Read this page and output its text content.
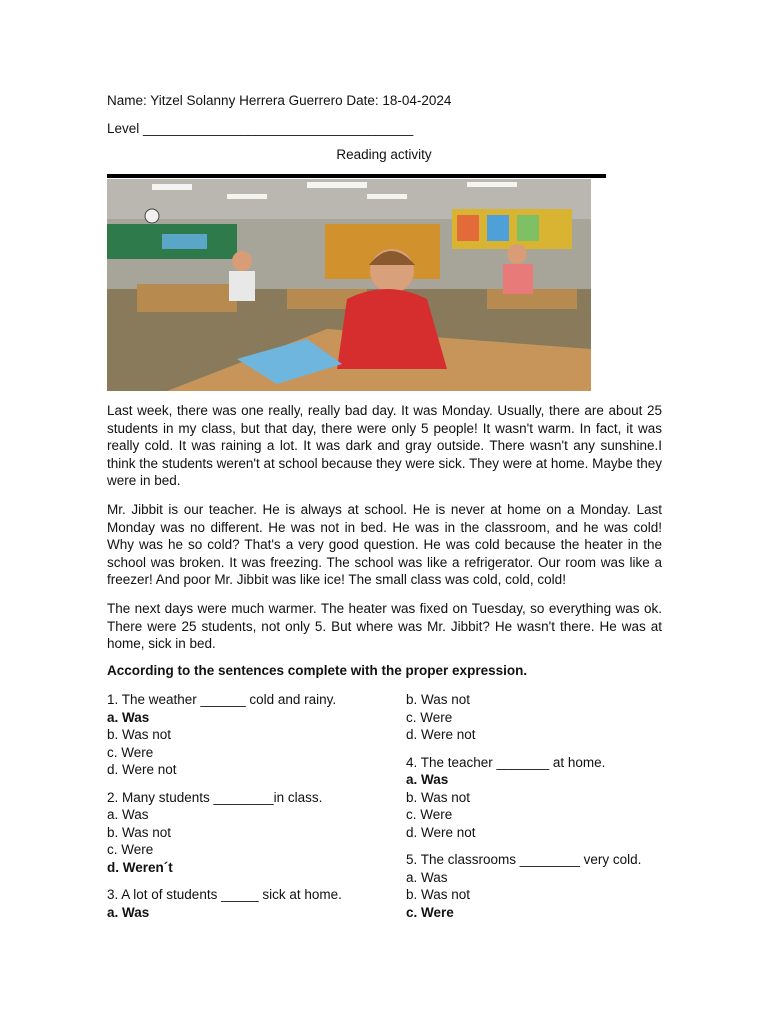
Name: Yitzel Solanny Herrera Guerrero Date: 18-04-2024
Level ____________________________________
Reading activity

Last week, there was one really, really bad day. It was Monday. Usually, there are about 25 students in my class, but that day, there were only 5 people! It wasn't warm. In fact, it was really cold. It was raining a lot. It was dark and gray outside. There wasn't any sunshine.I think the students weren't at school because they were sick. They were at home. Maybe they were in bed.

Mr. Jibbit is our teacher. He is always at school. He is never at home on a Monday. Last Monday was no different. He was not in bed. He was in the classroom, and he was cold! Why was he so cold? That's a very good question. He was cold because the heater in the school was broken. It was freezing. The school was like a refrigerator. Our room was like a freezer! And poor Mr. Jibbit was like ice! The small class was cold, cold, cold!

The next days were much warmer. The heater was fixed on Tuesday, so everything was ok. There were 25 students, not only 5. But where was Mr. Jibbit? He wasn't there. He was at home, sick in bed.

According to the sentences complete with the proper expression.
1. The weather ______ cold and rainy.
a. Was
b. Was not
c. Were
d. Were not
2. Many students ________in class.
a. Was
b. Was not
c. Were
d. Weren´t
3. A lot of students _____ sick at home.
a. Was
b. Was not
c. Were
d. Were not
4. The teacher _______ at home.
a. Was
b. Was not
c. Were
d. Were not
5. The classrooms ________ very cold.
a. Was
b. Was not
c. Were
